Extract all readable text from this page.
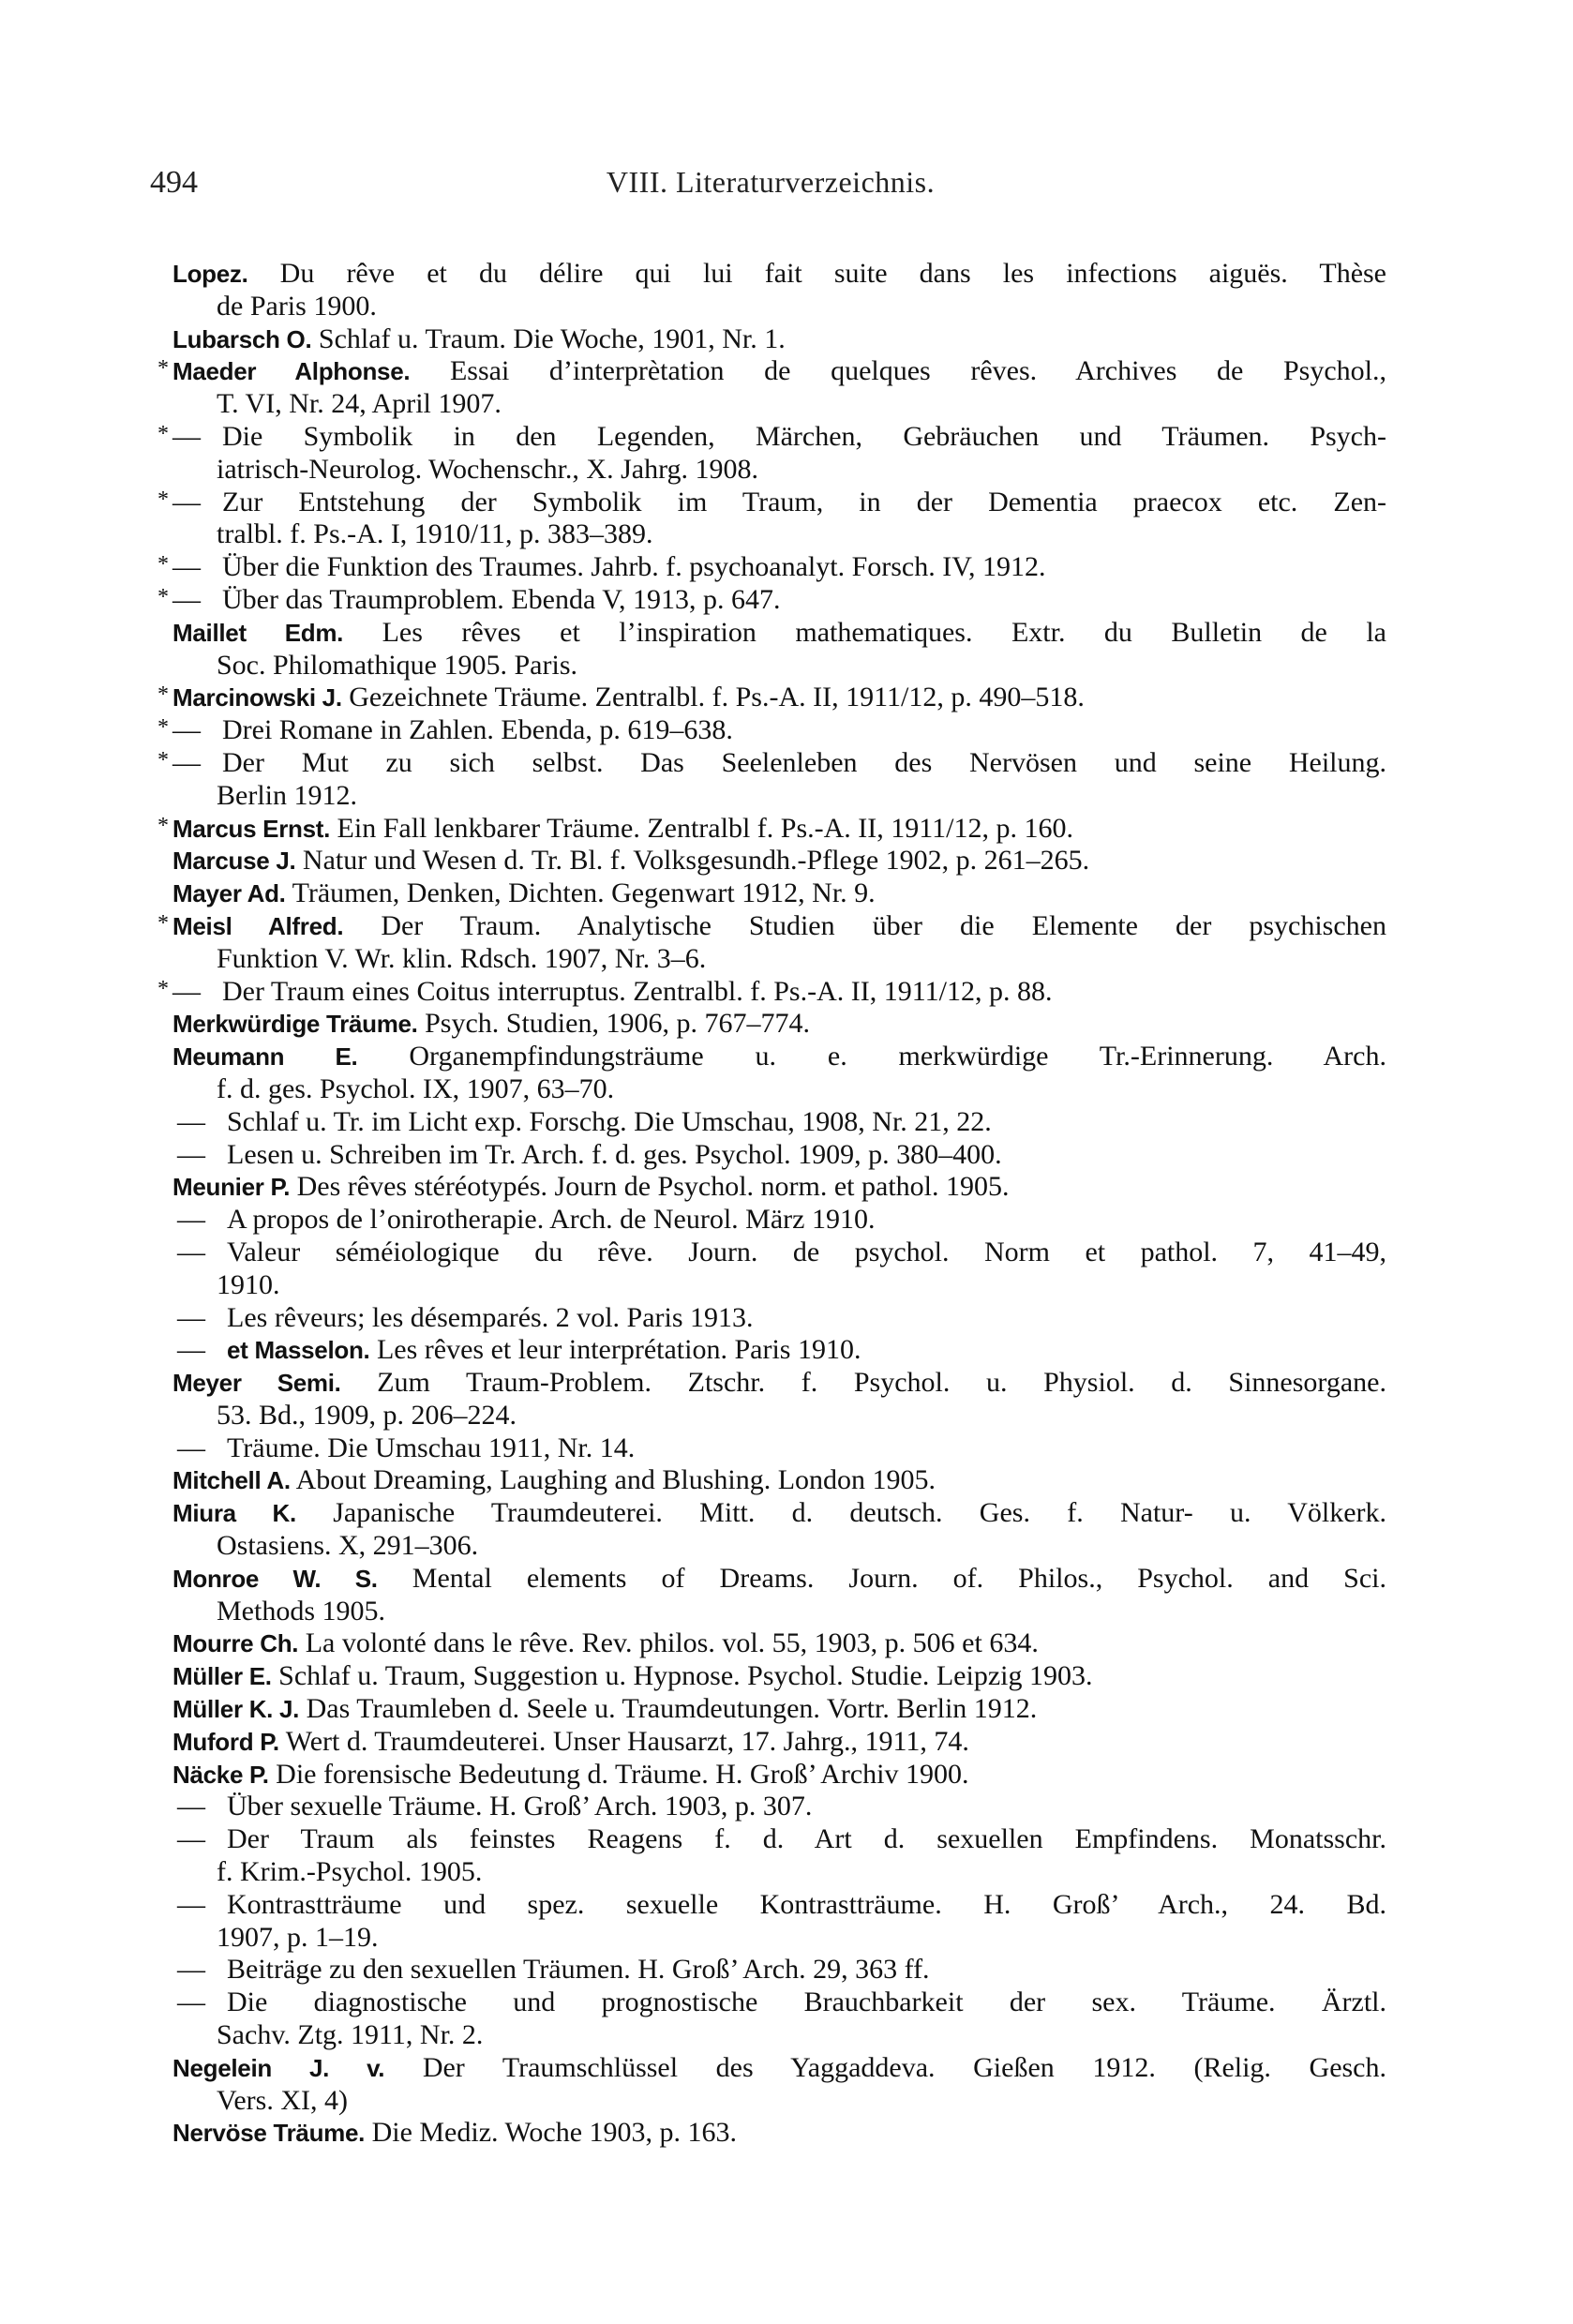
494	VIII. Literaturverzeichnis.
Lopez. Du rêve et du délire qui lui fait suite dans les infections aiguës. Thèse
de Paris 1900.
Lubarsch O. Schlaf u. Traum. Die Woche, 1901, Nr. 1.
* Maeder Alphonse. Essai d’interprètation de quelques rêves. Archives de Psychol.,
T. VI, Nr. 24, April 1907.
* — Die Symbolik in den Legenden, Märchen, Gebräuchen und Träumen. Psych-
iatrisch-Neurolog. Wochenschr., X. Jahrg. 1908.
* — Zur Entstehung der Symbolik im Traum, in der Dementia praecox etc. Zen-
tralbl. f. Ps.-A. I, 1910/11, p. 383–389.
* — Über die Funktion des Traumes. Jahrb. f. psychoanalyt. Forsch. IV, 1912.
* — Über das Traumproblem. Ebenda V, 1913, p. 647.
Maillet Edm. Les rêves et l’inspiration mathematiques. Extr. du Bulletin de la
Soc. Philomathique 1905. Paris.
* Marcinowski J. Gezeichnete Träume. Zentralbl. f. Ps.-A. II, 1911/12, p. 490–518.
* — Drei Romane in Zahlen. Ebenda, p. 619–638.
* — Der Mut zu sich selbst. Das Seelenleben des Nervösen und seine Heilung.
Berlin 1912.
* Marcus Ernst. Ein Fall lenkbarer Träume. Zentralbl f. Ps.-A. II, 1911/12, p. 160.
Marcuse J. Natur und Wesen d. Tr. Bl. f. Volksgesundh.-Pflege 1902, p. 261–265.
Mayer Ad. Träumen, Denken, Dichten. Gegenwart 1912, Nr. 9.
* Meisl Alfred. Der Traum. Analytische Studien über die Elemente der psychischen
Funktion V. Wr. klin. Rdsch. 1907, Nr. 3–6.
* — Der Traum eines Coitus interruptus. Zentralbl. f. Ps.-A. II, 1911/12, p. 88.
Merkwürdige Träume. Psych. Studien, 1906, p. 767–774.
Meumann E. Organempfindungsträume u. e. merkwürdige Tr.-Erinnerung. Arch.
f. d. ges. Psychol. IX, 1907, 63–70.
— Schlaf u. Tr. im Licht exp. Forschg. Die Umschau, 1908, Nr. 21, 22.
— Lesen u. Schreiben im Tr. Arch. f. d. ges. Psychol. 1909, p. 380–400.
Meunier P. Des rêves stéréotypés. Journ de Psychol. norm. et pathol. 1905.
— A propos de l’onirotherapie. Arch. de Neurol. März 1910.
— Valeur séméiologique du rêve. Journ. de psychol. Norm et pathol. 7, 41–49,
1910.
— Les rêveurs; les désemparés. 2 vol. Paris 1913.
— et Masselon. Les rêves et leur interprétation. Paris 1910.
Meyer Semi. Zum Traum-Problem. Ztschr. f. Psychol. u. Physiol. d. Sinnesorgane.
53. Bd., 1909, p. 206–224.
— Träume. Die Umschau 1911, Nr. 14.
Mitchell A. About Dreaming, Laughing and Blushing. London 1905.
Miura K. Japanische Traumdeuterei. Mitt. d. deutsch. Ges. f. Natur- u. Völkerk.
Ostasiens. X, 291–306.
Monroe W. S. Mental elements of Dreams. Journ. of. Philos., Psychol. and Sci.
Methods 1905.
Mourre Ch. La volonté dans le rêve. Rev. philos. vol. 55, 1903, p. 506 et 634.
Müller E. Schlaf u. Traum, Suggestion u. Hypnose. Psychol. Studie. Leipzig 1903.
Müller K. J. Das Traumleben d. Seele u. Traumdeutungen. Vortr. Berlin 1912.
Muford P. Wert d. Traumdeuterei. Unser Hausarzt, 17. Jahrg., 1911, 74.
Näcke P. Die forensische Bedeutung d. Träume. H. Groß’ Archiv 1900.
— Über sexuelle Träume. H. Groß’ Arch. 1903, p. 307.
— Der Traum als feinstes Reagens f. d. Art d. sexuellen Empfindens. Monatsschr.
f. Krim.-Psychol. 1905.
— Kontrastträume und spez. sexuelle Kontrastträume. H. Groß’ Arch., 24. Bd.
1907, p. 1–19.
— Beiträge zu den sexuellen Träumen. H. Groß’ Arch. 29, 363 ff.
— Die diagnostische und prognostische Brauchbarkeit der sex. Träume. Ärztl.
Sachv. Ztg. 1911, Nr. 2.
Negelein J. v. Der Traumschlüssel des Yaggaddeva. Gießen 1912. (Relig. Gesch.
Vers. XI, 4)
Nervöse Träume. Die Mediz. Woche 1903, p. 163.
